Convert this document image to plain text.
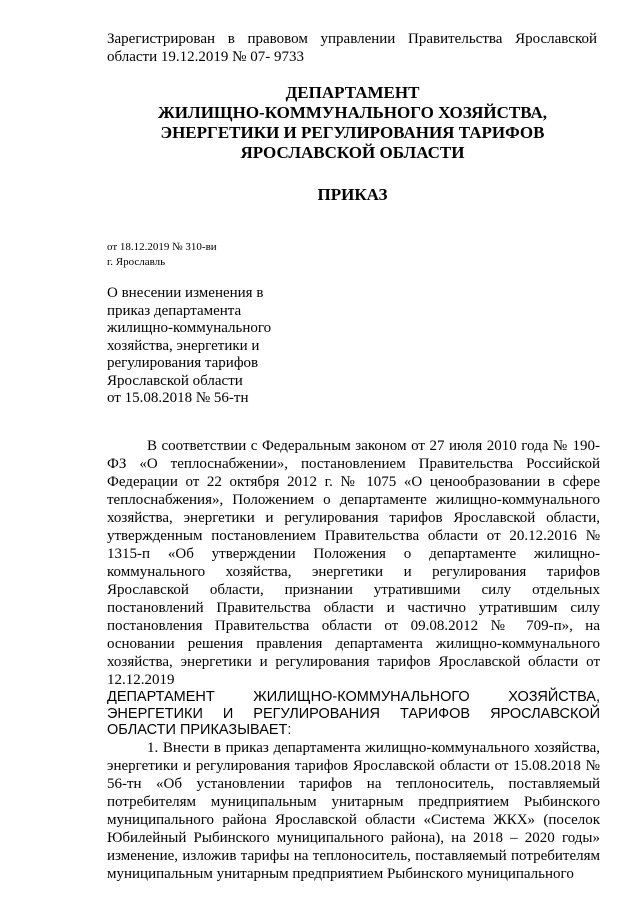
Зарегистрирован в правовом управлении Правительства Ярославской области 19.12.2019 № 07- 9733
ДЕПАРТАМЕНТ
ЖИЛИЩНО-КОММУНАЛЬНОГО ХОЗЯЙСТВА,
ЭНЕРГЕТИКИ И РЕГУЛИРОВАНИЯ ТАРИФОВ
ЯРОСЛАВСКОЙ ОБЛАСТИ
ПРИКАЗ
от 18.12.2019 № 310-ви
г. Ярославль
О внесении изменения в
приказ департамента
жилищно-коммунального
хозяйства, энергетики и
регулирования тарифов
Ярославской области
от 15.08.2018 № 56-тн

В соответствии с Федеральным законом от 27 июля 2010 года № 190-ФЗ «О теплоснабжении», постановлением Правительства Российской Федерации от 22 октября 2012 г. № 1075 «О ценообразовании в сфере теплоснабжения», Положением о департаменте жилищно-коммунального хозяйства, энергетики и регулирования тарифов Ярославской области, утвержденным постановлением Правительства области от 20.12.2016 № 1315-п «Об утверждении Положения о департаменте жилищно-коммунального хозяйства, энергетики и регулирования тарифов Ярославской области, признании утратившими силу отдельных постановлений Правительства области и частично утратившим силу постановления Правительства области от 09.08.2012 № 709-п», на основании решения правления департамента жилищно-коммунального хозяйства, энергетики и регулирования тарифов Ярославской области от 12.12.2019

ДЕПАРТАМЕНТ ЖИЛИЩНО-КОММУНАЛЬНОГО ХОЗЯЙСТВА, ЭНЕРГЕТИКИ И РЕГУЛИРОВАНИЯ ТАРИФОВ ЯРОСЛАВСКОЙ ОБЛАСТИ ПРИКАЗЫВАЕТ:

1. Внести в приказ департамента жилищно-коммунального хозяйства, энергетики и регулирования тарифов Ярославской области от 15.08.2018 № 56-тн «Об установлении тарифов на теплоноситель, поставляемый потребителям муниципальным унитарным предприятием Рыбинского муниципального района Ярославской области «Система ЖКХ» (поселок Юбилейный Рыбинского муниципального района), на 2018 – 2020 годы» изменение, изложив тарифы на теплоноситель, поставляемый потребителям муниципальным унитарным предприятием Рыбинского муниципального
